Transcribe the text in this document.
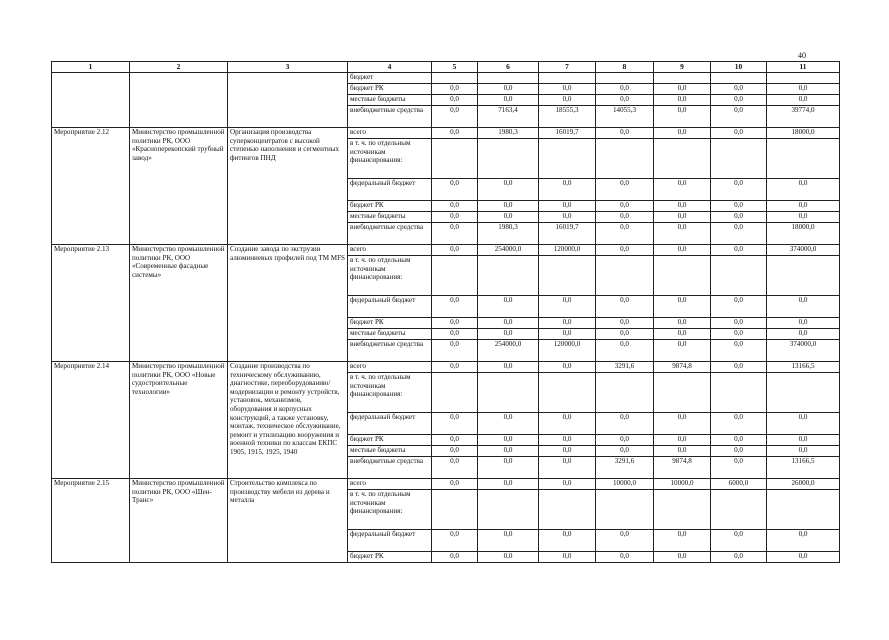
40
1	2	3	4	5	6	7	8	9	10	11
			бюджет							
			бюджет РК	0,0	0,0	0,0	0,0	0,0	0,0	0,0
			местные бюджеты	0,0	0,0	0,0	0,0	0,0	0,0	0,0
			внебюджетные средства	0,0	7163,4	18555,3	14055,3	0,0	0,0	39774,0
Мероприятие 2.12	Министерство промышленной политики РК, ООО «Красноперекопский трубный завод»	Организация производства суперконцентратов с высокой степенью наполнения и сегментных фитингов ПНД	всего	0,0	1980,3	16019,7	0,0	0,0	0,0	18000,0
			в т. ч. по отдельным источникам финансирования:							
			федеральный бюджет	0,0	0,0	0,0	0,0	0,0	0,0	0,0
			бюджет РК	0,0	0,0	0,0	0,0	0,0	0,0	0,0
			местные бюджеты	0,0	0,0	0,0	0,0	0,0	0,0	0,0
			внебюджетные средства	0,0	1980,3	16019,7	0,0	0,0	0,0	18000,0
Мероприятие 2.13	Министерство промышленной политики РК, ООО «Современные фасадные системы»	Создание завода по экструзии алюминиевых профилей под ТМ MFS	всего	0,0	254000,0	120000,0	0,0	0,0	0,0	374000,0
			в т. ч. по отдельным источникам финансирования:							
			федеральный бюджет	0,0	0,0	0,0	0,0	0,0	0,0	0,0
			бюджет РК	0,0	0,0	0,0	0,0	0,0	0,0	0,0
			местные бюджеты	0,0	0,0	0,0	0,0	0,0	0,0	0,0
			внебюджетные средства	0,0	254000,0	120000,0	0,0	0,0	0,0	374000,0
Мероприятие 2.14	Министерство промышленной политики РК, ООО «Новые судостроительные технологии»	Создание производства по техническому обслуживанию, диагностике, переоборудованию/модернизации и ремонту устройств, установок, механизмов, оборудования и корпусных конструкций, а также установку, монтаж, техническое обслуживание, ремонт и утилизацию вооружения и военной техники по классам ЕКПС 1905, 1915, 1925, 1940	всего	0,0	0,0	0,0	3291,6	9874,8	0,0	13166,5
			в т. ч. по отдельным источникам финансирования:							
			федеральный бюджет	0,0	0,0	0,0	0,0	0,0	0,0	0,0
			бюджет РК	0,0	0,0	0,0	0,0	0,0	0,0	0,0
			местные бюджеты	0,0	0,0	0,0	0,0	0,0	0,0	0,0
			внебюджетные средства	0,0	0,0	0,0	3291,6	9874,8	0,0	13166,5
Мероприятие 2.15	Министерство промышленной политики РК, ООО «Шен-Транс»	Строительство комплекса по производству мебели из дерева и металла	всего	0,0	0,0	0,0	10000,0	10000,0	6000,0	26000,0
			в т. ч. по отдельным источникам финансирования:							
			федеральный бюджет	0,0	0,0	0,0	0,0	0,0	0,0	0,0
			бюджет РК	0,0	0,0	0,0	0,0	0,0	0,0	0,0
